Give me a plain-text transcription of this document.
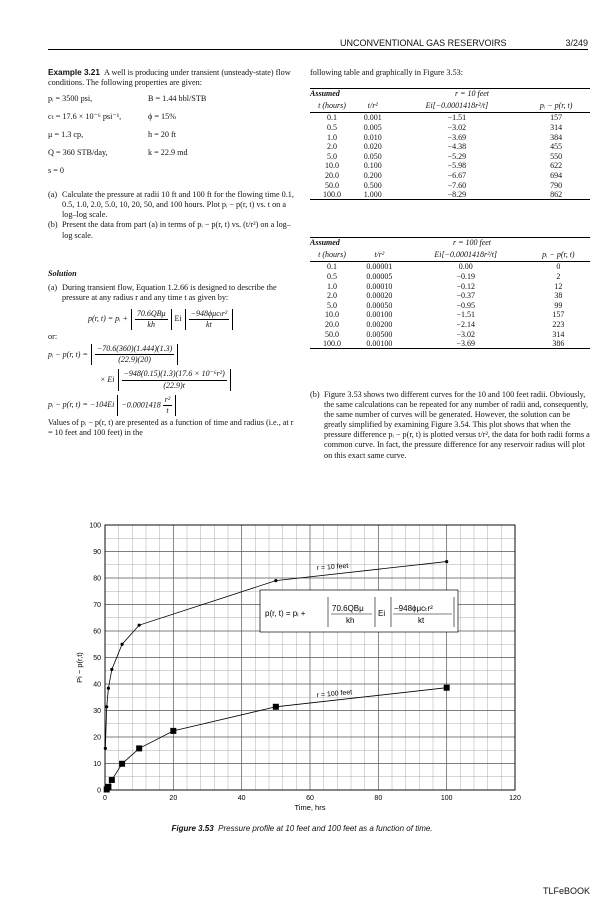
UNCONVENTIONAL GAS RESERVOIRS	3/249

Example 3.21 A well is producing under transient (unsteady-state) flow conditions. The following properties are given:

pᵢ = 3500 psi,	B = 1.44 bbl/STB
cₜ = 17.6 × 10⁻⁶ psi⁻¹,	ϕ = 15%
μ = 1.3 cp,	h = 20 ft
Q = 360 STB/day,	k = 22.9 md
s = 0
(a) Calculate the pressure at radii 10 ft and 100 ft for the flowing time 0.1, 0.5, 1.0, 2.0, 5.0, 10, 20, 50, and 100 hours. Plot pᵢ − p(r, t) vs. t on a log–log scale.
(b) Present the data from part (a) in terms of pᵢ − p(r, t) vs. (t/r²) on a log–log scale.

Solution

(a) During transient flow, Equation 1.2.66 is designed to describe the pressure at any radius r and any time t as given by:
p(r, t) = pᵢ + $\frac{\text{70.6QBμ}}{kh}$ Ei $\frac{\text{−948ϕμcₜr²}}{kt}$

or:

pᵢ − p(r, $t) = \frac{-70.6(360)(1.444)(1.3)}{(22.9)(20)}$
× Ei $\frac{\text{−948(0.15)(1.3)(17.6 × 10⁻⁶r²)}}{(22.9)t}$
pᵢ − p(r, $t) = -104Ei -0.0001418 \frac{\text{r²}}{t}$

Values of pᵢ − p(r, t) are presented as a function of time and radius (i.e., at r = 10 feet and 100 feet) in the

following table and graphically in Figure 3.53:

Assumed	r = 10 feet		
t (hours)	t/r²	Ei[−0.0001418r²/t]	pᵢ − p(r, t)
0.1	0.001	−1.51	157
0.5	0.005	−3.02	314
1.0	0.010	−3.69	384
2.0	0.020	−4.38	455
5.0	0.050	−5.29	550
10.0	0.100	−5.98	622
20.0	0.200	−6.67	694
50.0	0.500	−7.60	790
100.0	1.000	−8.29	862
Assumed	r = 100 feet		
t (hours)	t/r²	Ei[−0.0001418r²/t]	pᵢ − p(r, t)
0.1	0.00001	0.00	0
0.5	0.00005	−0.19	2
1.0	0.00010	−0.12	12
2.0	0.00020	−0.37	38
5.0	0.00050	−0.95	99
10.0	0.00100	−1.51	157
20.0	0.00200	−2.14	223
50.0	0.00500	−3.02	314
100.0	0.00100	−3.69	386
(b) Figure 3.53 shows two different curves for the 10 and 100 feet radii. Obviously, the same calculations can be repeated for any number of radii and, consequently, the same number of curves will be generated. However, the solution can be greatly simplified by examining Figure 3.54. This plot shows that when the pressure difference pᵢ − p(r, t) is plotted versus t/r², the data for both radii forms a common curve. In fact, the pressure difference for any reservoir radius will plot on this exact same curve.
0	20	40	60	80	100	120
0
10
20
30
40
50
60
70
80
90
100
Time, hrs
Pi − p(r,t)
r = 10 feet
r = 100 feet
p(r, t) = pᵢ +
70.6QBμ
kh
Ei
−948ϕμcₜr²
kt
Figure 3.53 Pressure profile at 10 feet and 100 feet as a function of time.
TLFeBOOK
